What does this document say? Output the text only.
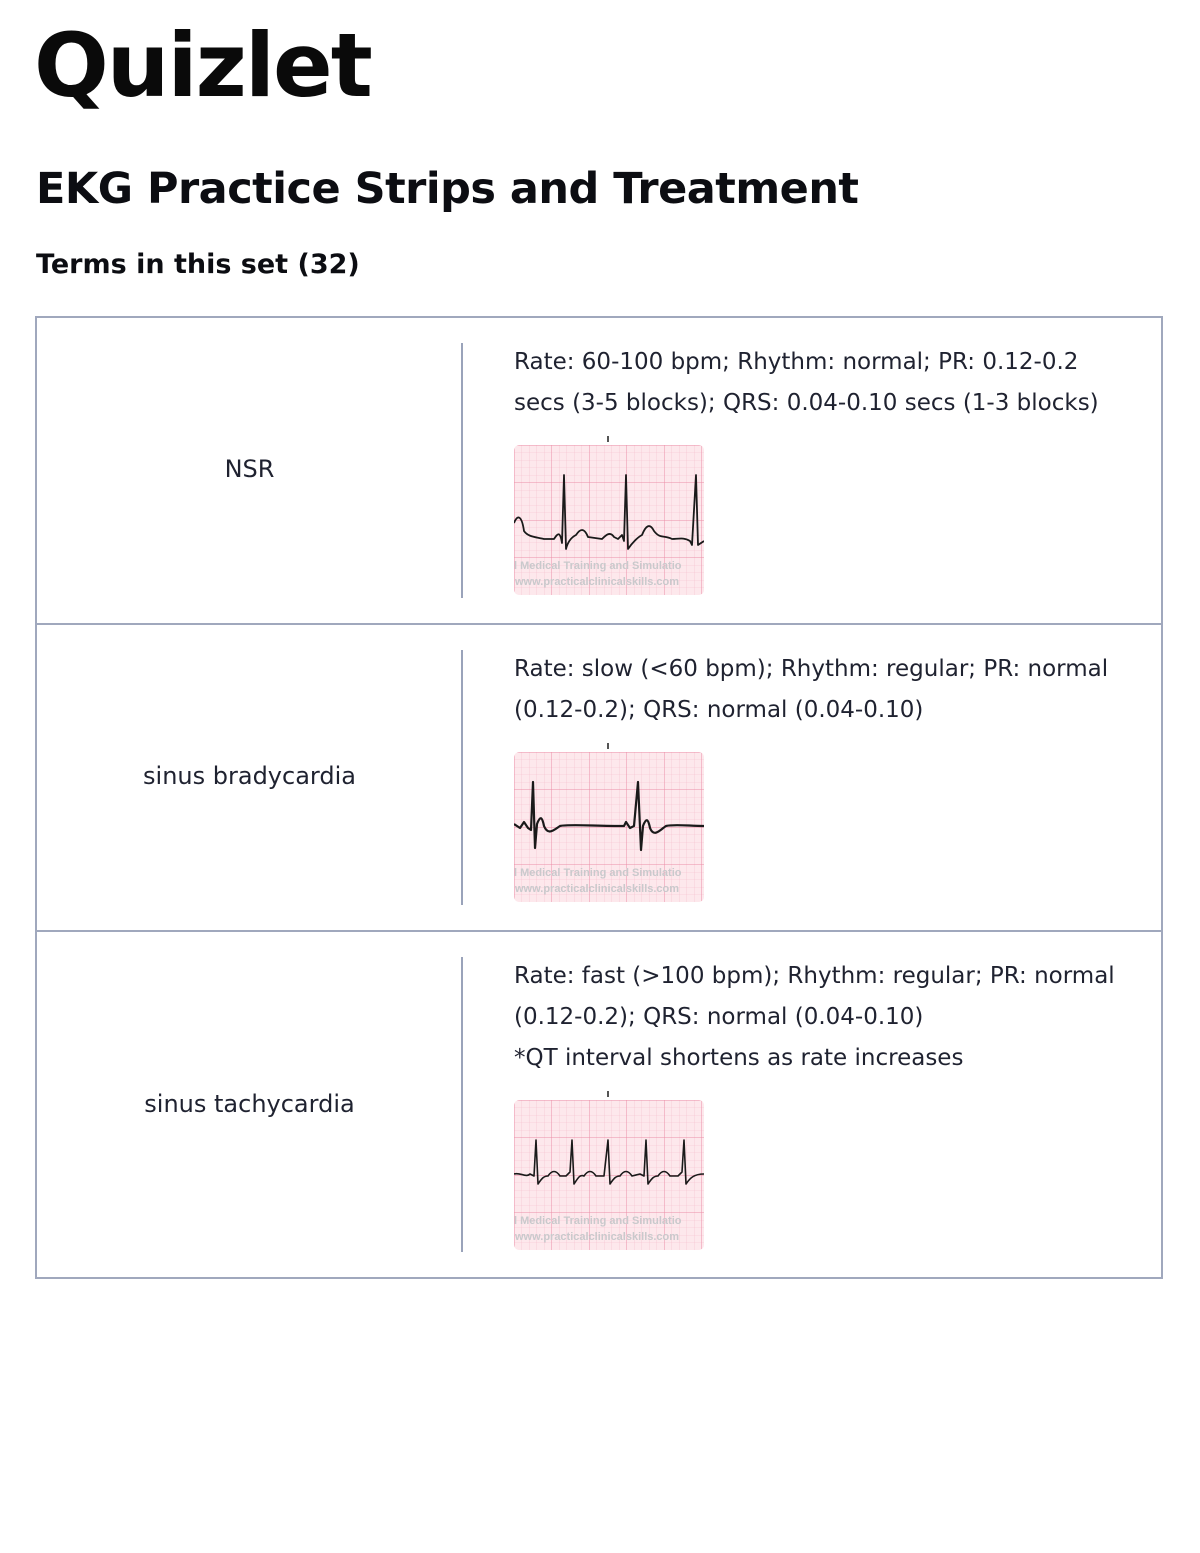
Quizlet
EKG Practice Strips and Treatment
Terms in this set (32)
NSR
Rate: 60-100 bpm; Rhythm: normal; PR: 0.12-0.2
secs (3-5 blocks); QRS: 0.04-0.10 secs (1-3 blocks)
l Medical Training and Simulatio
www.practicalclinicalskills.com
sinus bradycardia
Rate: slow (<60 bpm); Rhythm: regular; PR: normal
(0.12-0.2); QRS: normal (0.04-0.10)
l Medical Training and Simulatio
www.practicalclinicalskills.com
sinus tachycardia
Rate: fast (>100 bpm); Rhythm: regular; PR: normal
(0.12-0.2); QRS: normal (0.04-0.10)
*QT interval shortens as rate increases
l Medical Training and Simulatio
www.practicalclinicalskills.com
